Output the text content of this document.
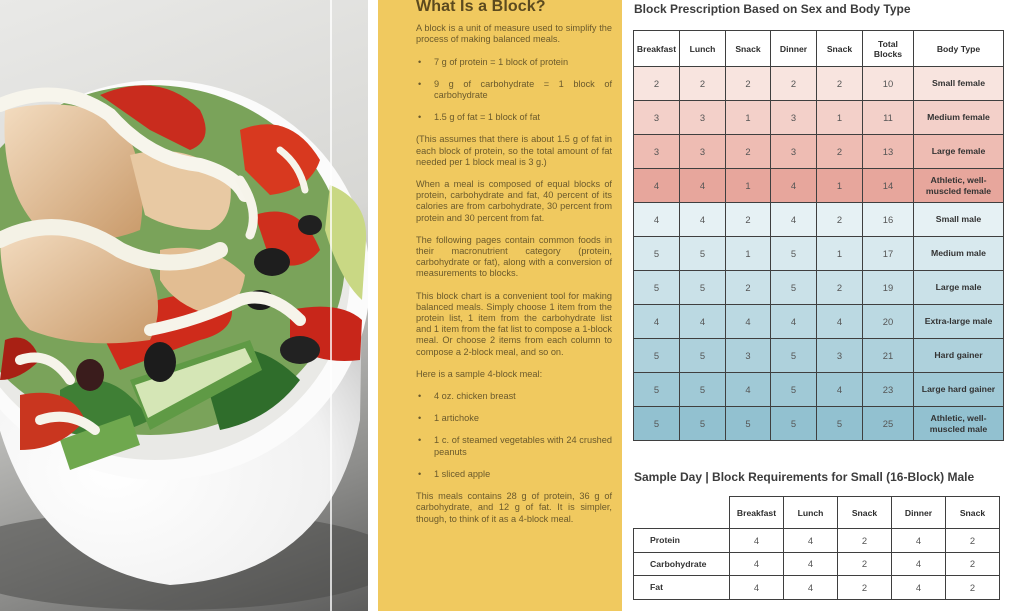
What Is a Block?

A block is a unit of measure used to simplify the process of making balanced meals.

• 7 g of protein = 1 block of protein
• 9 g of carbohydrate = 1 block of carbohydrate
• 1.5 g of fat = 1 block of fat

(This assumes that there is about 1.5 g of fat in each block of protein, so the total amount of fat needed per 1 block meal is 3 g.)

When a meal is composed of equal blocks of protein, carbohydrate and fat, 40 percent of its calories are from carbohydrate, 30 percent from protein and 30 percent from fat.

The following pages contain common foods in their macronutrient category (protein, carbohydrate or fat), along with a conversion of measurements to blocks.

This block chart is a convenient tool for making balanced meals. Simply choose 1 item from the protein list, 1 item from the carbohydrate list and 1 item from the fat list to compose a 1-block meal. Or choose 2 items from each column to compose a 2-block meal, and so on.

Here is a sample 4-block meal:

• 4 oz. chicken breast
• 1 artichoke
• 1 c. of steamed vegetables with 24 crushed peanuts
• 1 sliced apple

This meals contains 28 g of protein, 36 g of carbohydrate, and 12 g of fat. It is simpler, though, to think of it as a 4-block meal.

Block Prescription Based on Sex and Body Type
Breakfast	Lunch	Snack	Dinner	Snack	Total Blocks	Body Type
2	2	2	2	2	10	Small female
3	3	1	3	1	11	Medium female
3	3	2	3	2	13	Large female
4	4	1	4	1	14	Athletic, well-muscled female
4	4	2	4	2	16	Small male
5	5	1	5	1	17	Medium male
5	5	2	5	2	19	Large male
4	4	4	4	4	20	Extra-large male
5	5	3	5	3	21	Hard gainer
5	5	4	5	4	23	Large hard gainer
5	5	5	5	5	25	Athletic, well-muscled male
Sample Day | Block Requirements for Small (16-Block) Male
	Breakfast	Lunch	Snack	Dinner	Snack
Protein	4	4	2	4	2
Carbohydrate	4	4	2	4	2
Fat	4	4	2	4	2
